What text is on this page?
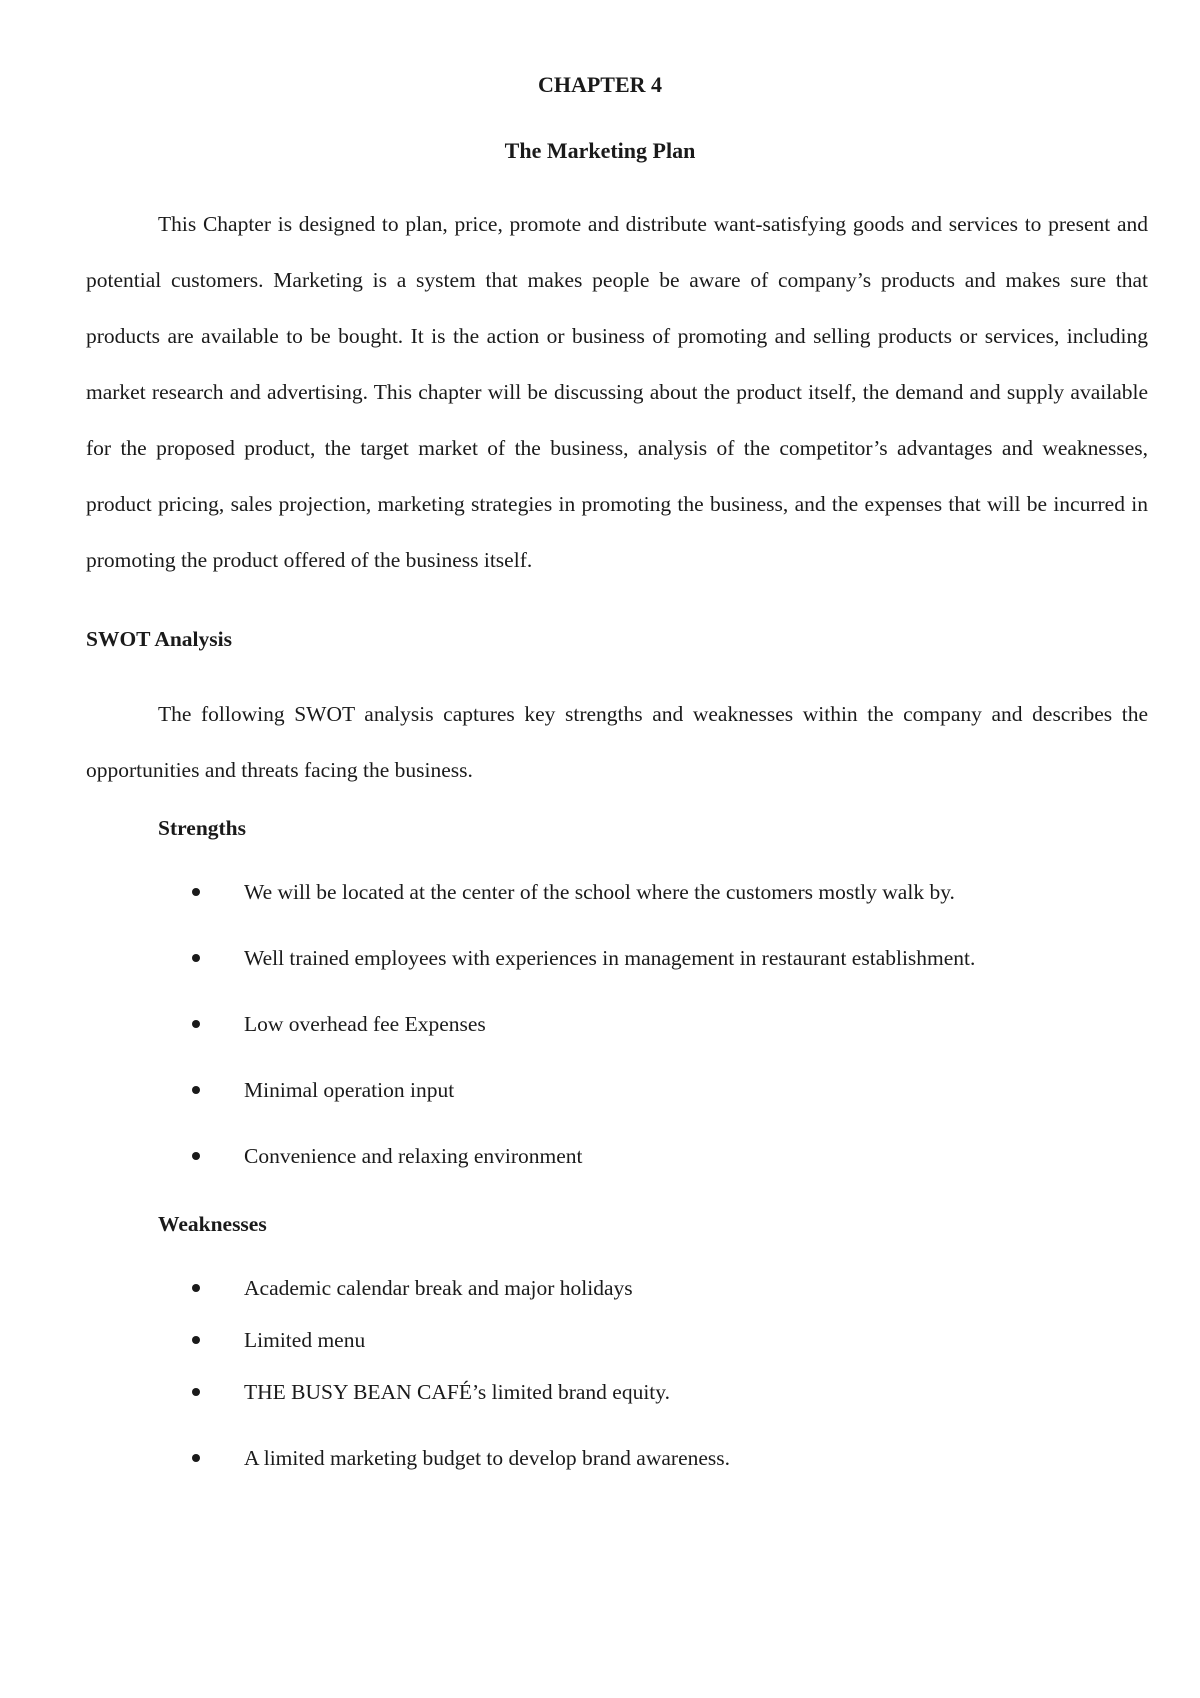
CHAPTER 4
The Marketing Plan

This Chapter is designed to plan, price, promote and distribute want-satisfying goods and services to present and potential customers. Marketing is a system that makes people be aware of company’s products and makes sure that products are available to be bought. It is the action or business of promoting and selling products or services, including market research and advertising. This chapter will be discussing about the product itself, the demand and supply available for the proposed product, the target market of the business, analysis of the competitor’s advantages and weaknesses, product pricing, sales projection, marketing strategies in promoting the business, and the expenses that will be incurred in promoting the product offered of the business itself.

SWOT Analysis

The following SWOT analysis captures key strengths and weaknesses within the company and describes the opportunities and threats facing the business.

Strengths
We will be located at the center of the school where the customers mostly walk by.
Well trained employees with experiences in management in restaurant establishment.
Low overhead fee Expenses
Minimal operation input
Convenience and relaxing environment
Weaknesses
Academic calendar break and major holidays
Limited menu
THE BUSY BEAN CAFÉ’s limited brand equity.
A limited marketing budget to develop brand awareness.
